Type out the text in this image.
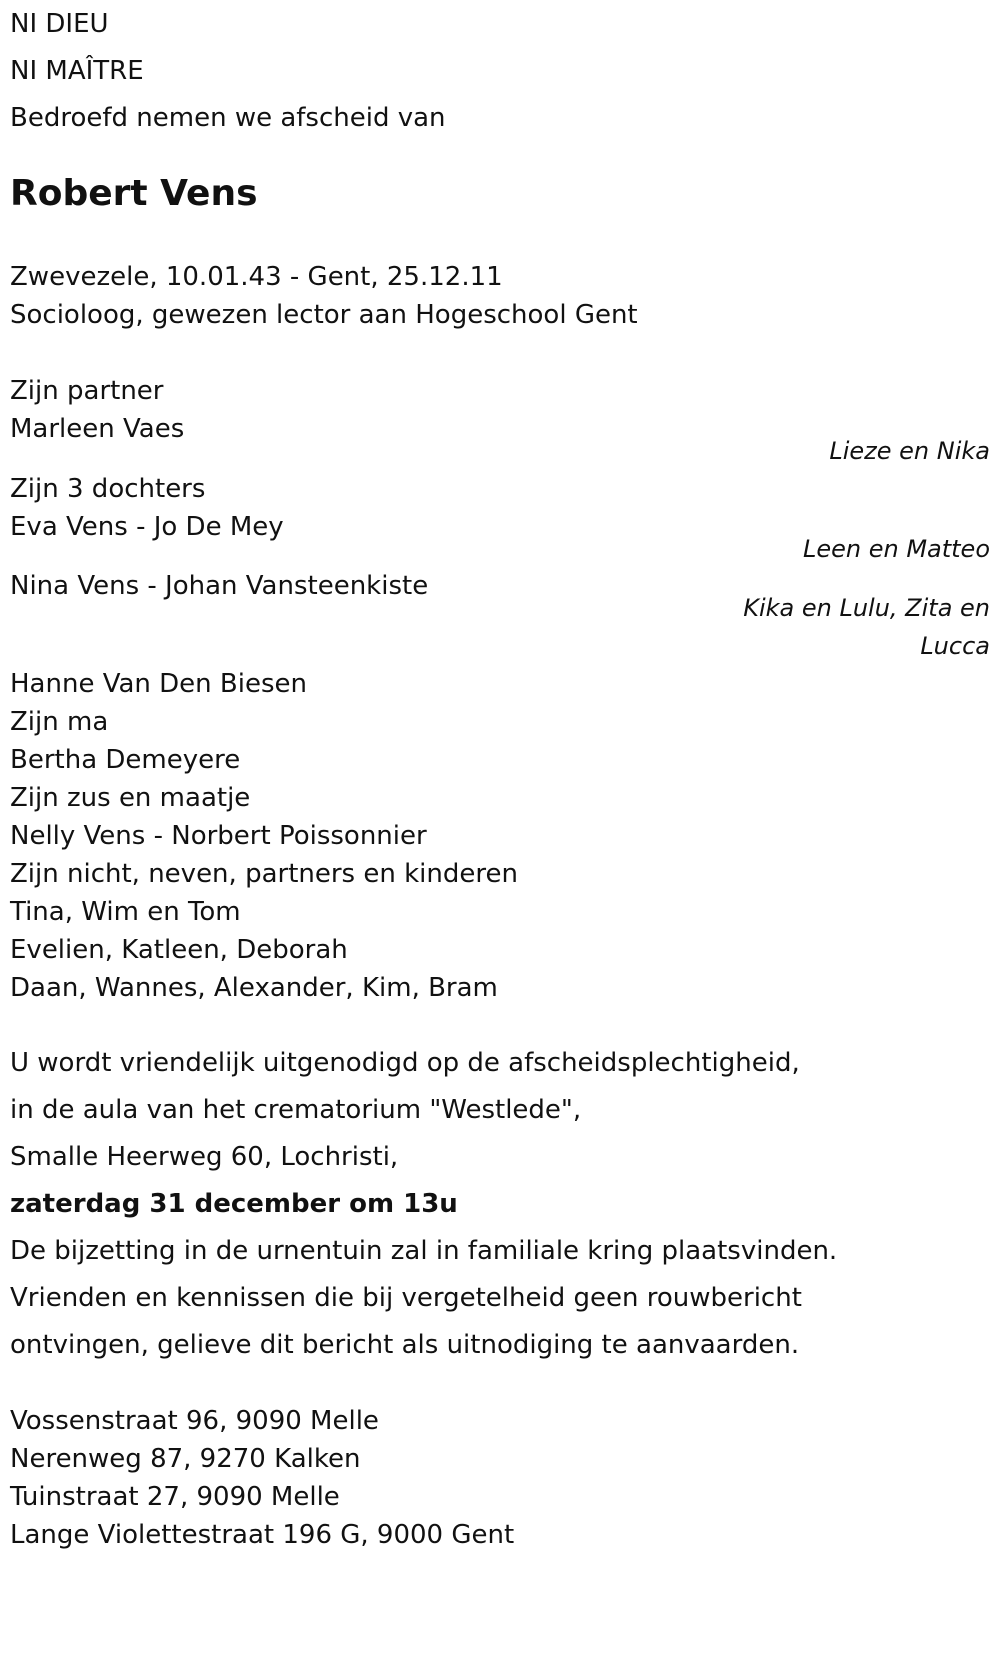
NI DIEU
NI MAÎTRE
Bedroefd nemen we afscheid van
Robert Vens
Zwevezele, 10.01.43 - Gent, 25.12.11
Socioloog, gewezen lector aan Hogeschool Gent
Zijn partner
Marleen Vaes
Lieze en Nika
Zijn 3 dochters
Eva Vens - Jo De Mey
Leen en Matteo
Nina Vens - Johan Vansteenkiste
Kika en Lulu, Zita en
Lucca
Hanne Van Den Biesen
Zijn ma
Bertha Demeyere
Zijn zus en maatje
Nelly Vens - Norbert Poissonnier
Zijn nicht, neven, partners en kinderen
Tina, Wim en Tom
Evelien, Katleen, Deborah
Daan, Wannes, Alexander, Kim, Bram
U wordt vriendelijk uitgenodigd op de afscheidsplechtigheid,
in de aula van het crematorium "Westlede",
Smalle Heerweg 60, Lochristi,
zaterdag 31 december om 13u
De bijzetting in de urnentuin zal in familiale kring plaatsvinden.
Vrienden en kennissen die bij vergetelheid geen rouwbericht
ontvingen, gelieve dit bericht als uitnodiging te aanvaarden.
Vossenstraat 96, 9090 Melle
Nerenweg 87, 9270 Kalken
Tuinstraat 27, 9090 Melle
Lange Violettestraat 196 G, 9000 Gent
